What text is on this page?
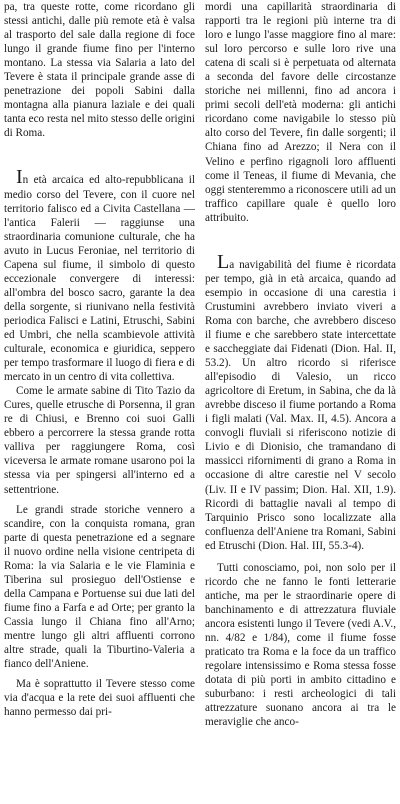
pa, tra queste rotte, come ricordano gli stessi antichi, dalle più remote età è valsa al trasporto del sale dalla regione di foce lungo il grande fiume fino per l'interno montano. La stessa via Salaria a lato del Tevere è stata il principale grande asse di penetrazione dei popoli Sabini dalla montagna alla pianura laziale e dei quali tanta eco resta nel mito stesso delle origini di Roma.

In età arcaica ed alto-repubblicana il medio corso del Tevere, con il cuore nel territorio falisco ed a Civita Castellana — l'antica Falerii — raggiunse una straordinaria comunione culturale, che ha avuto in Lucus Feroniae, nel territorio di Capena sul fiume, il simbolo di questo eccezionale convergere di interessi: all'ombra del bosco sacro, garante la dea della sorgente, si riunivano nella festività periodica Falisci e Latini, Etruschi, Sabini ed Umbri, che nella scambievole attività culturale, economica e giuridica, seppero per tempo trasformare il luogo di fiera e di mercato in un centro di vita collettiva.

Come le armate sabine di Tito Tazio da Cures, quelle etrusche di Porsenna, il gran re di Chiusi, e Brenno coi suoi Galli ebbero a percorrere la stessa grande rotta valliva per raggiungere Roma, così viceversa le armate romane usarono poi la stessa via per spingersi all'interno ed a settentrione.

Le grandi strade storiche vennero a scandire, con la conquista romana, gran parte di questa penetrazione ed a segnare il nuovo ordine nella visione centripeta di Roma: la via Salaria e le vie Flaminia e Tiberina sul prosieguo dell'Ostiense e della Campana e Portuense sui due lati del fiume fino a Farfa e ad Orte; per granto la Cassia lungo il Chiana fino all'Arno; mentre lungo gli altri affluenti corrono altre strade, quali la Tiburtino-Valeria a fianco dell'Aniene.

Ma è soprattutto il Tevere stesso come via d'acqua e la rete dei suoi affluenti che hanno permesso dai pri-

mordi una capillarità straordinaria di rapporti tra le regioni più interne tra di loro e lungo l'asse maggiore fino al mare: sul loro percorso e sulle loro rive una catena di scali si è perpetuata od alternata a seconda del favore delle circostanze storiche nei millenni, fino ad ancora i primi secoli dell'età moderna: gli antichi ricordano come navigabile lo stesso più alto corso del Tevere, fin dalle sorgenti; il Chiana fino ad Arezzo; il Nera con il Velino e perfino rigagnoli loro affluenti come il Teneas, il fiume di Mevania, che oggi stenteremmo a riconoscere utili ad un traffico capillare quale è quello loro attribuito.

La navigabilità del fiume è ricordata per tempo, già in età arcaica, quando ad esempio in occasione di una carestia i Crustumini avrebbero inviato viveri a Roma con barche, che avrebbero disceso il fiume e che sarebbero state intercettate e saccheggiate dai Fidenati (Dion. Hal. II, 53.2). Un altro ricordo si riferisce all'episodio di Valesio, un ricco agricoltore di Eretum, in Sabina, che da là avrebbe disceso il fiume portando a Roma i figli malati (Val. Max. II, 4.5). Ancora a convogli fluviali si riferiscono notizie di Livio e di Dionisio, che tramandano di massicci rifornimenti di grano a Roma in occasione di altre carestie nel V secolo (Liv. II e IV passim; Dion. Hal. XII, 1.9). Ricordi di battaglie navali al tempo di Tarquinio Prisco sono localizzate alla confluenza dell'Aniene tra Romani, Sabini ed Etruschi (Dion. Hal. III, 55.3-4).

Tutti conosciamo, poi, non solo per il ricordo che ne fanno le fonti letterarie antiche, ma per le straordinarie opere di banchinamento e di attrezzatura fluviale ancora esistenti lungo il Tevere (vedi A.V., nn. 4/82 e 1/84), come il fiume fosse praticato tra Roma e la foce da un traffico regolare intensissimo e Roma stessa fosse dotata di più porti in ambito cittadino e suburbano: i resti archeologici di tali attrezzature suonano ancora ai tra le meraviglie che anco-
